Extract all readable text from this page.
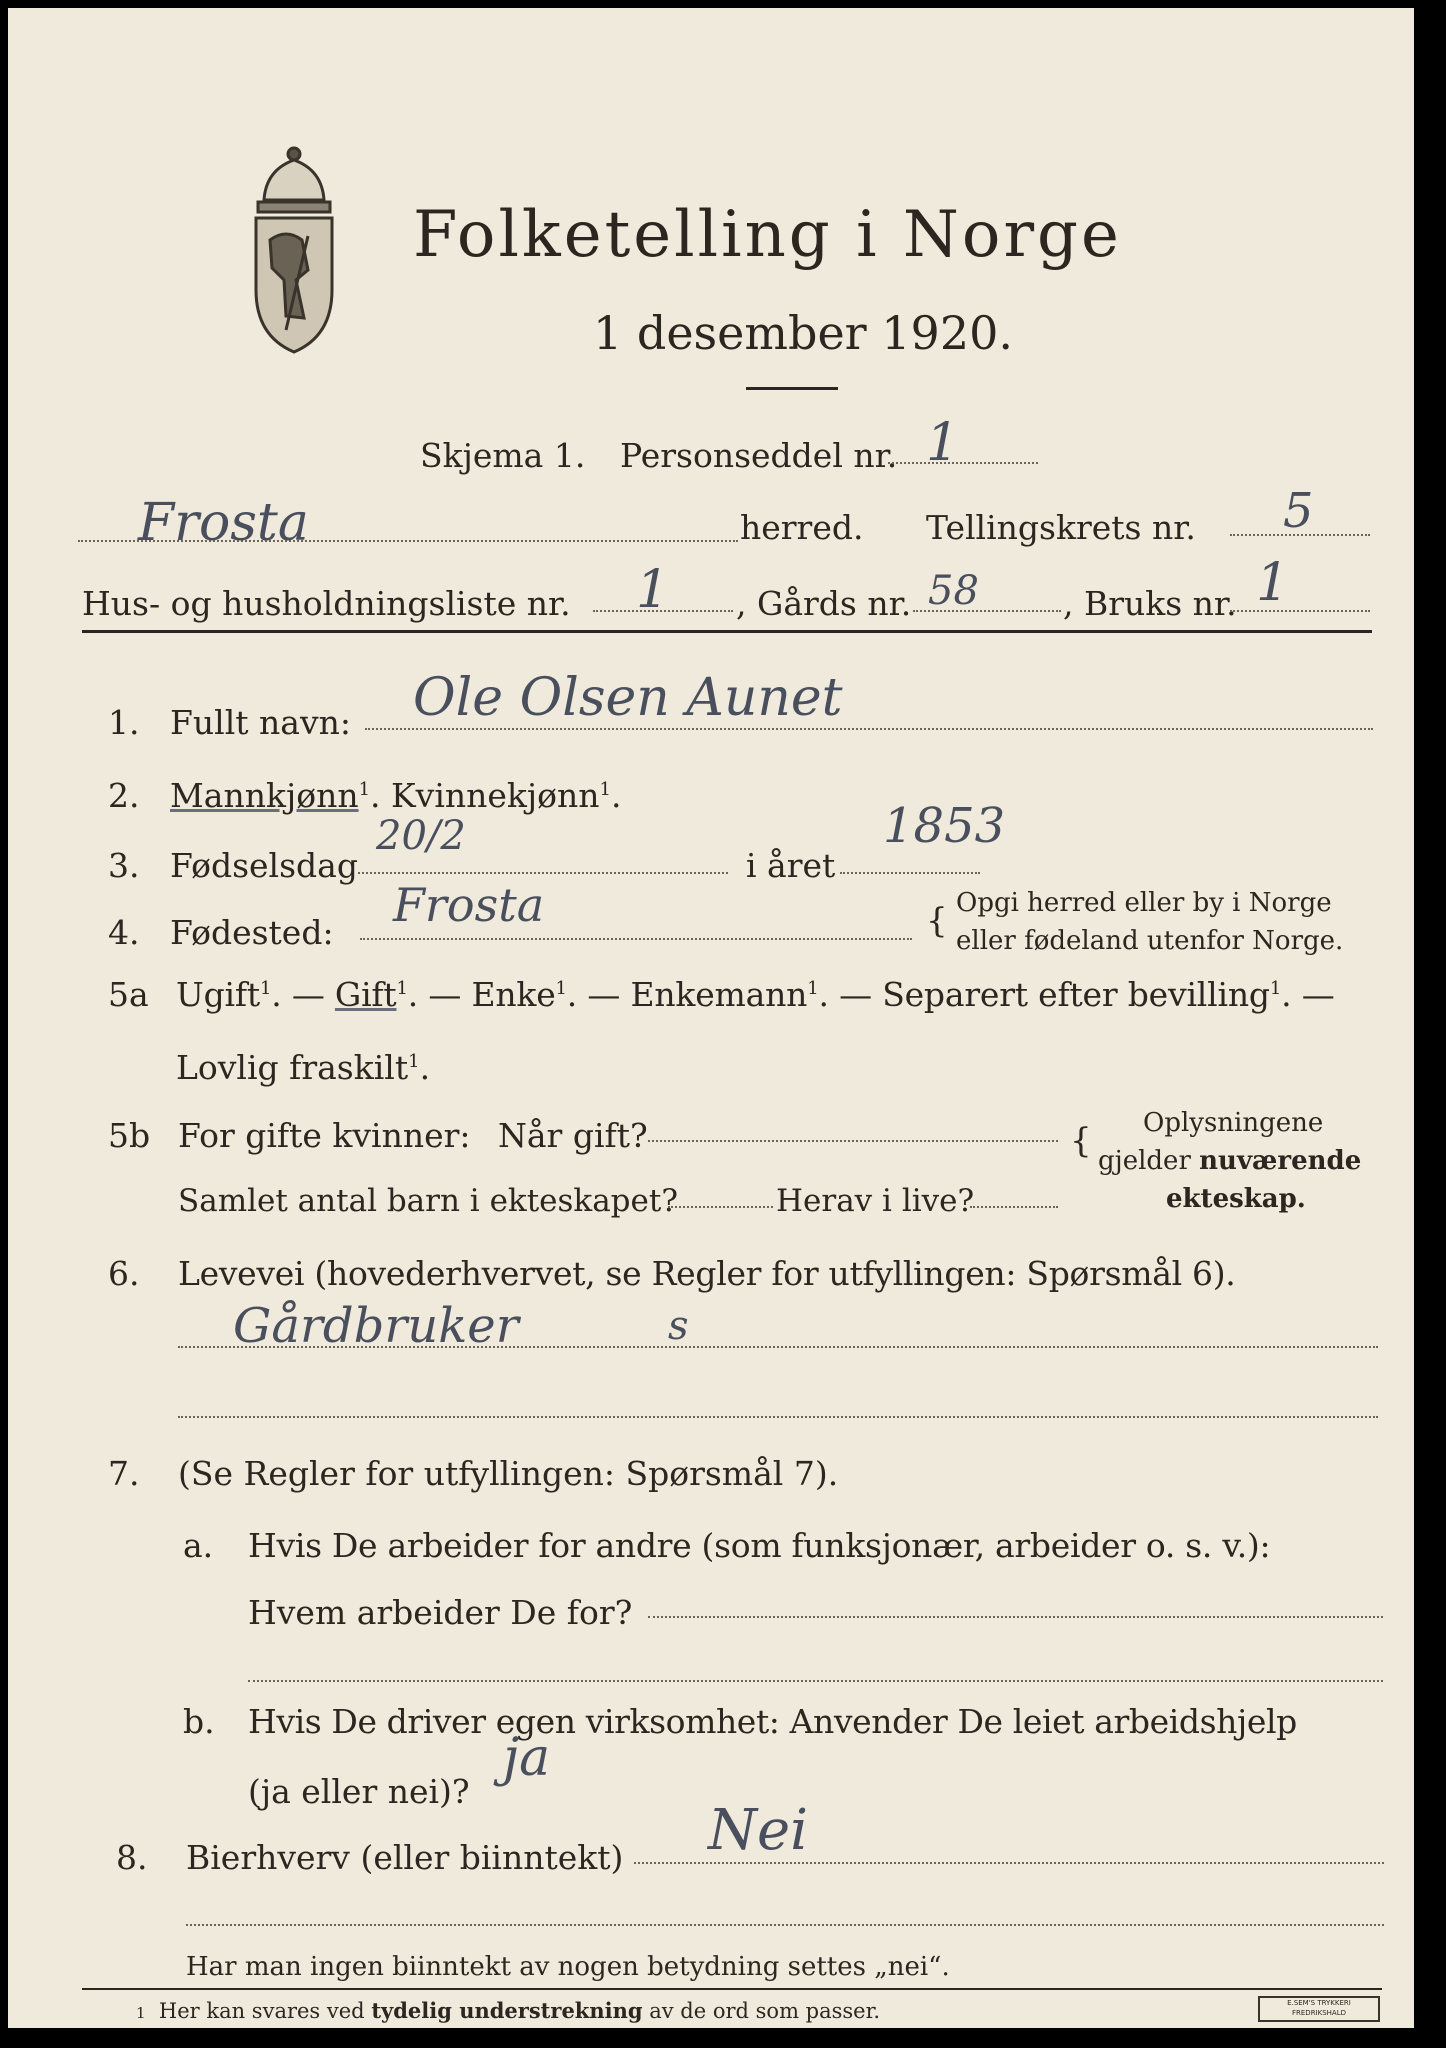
Folketelling i Norge
1 desember 1920.
Skjema 1. Personseddel nr. 1
Frosta	herred. Tellingskrets nr. 5
Hus- og husholdningsliste nr. 1 , Gårds nr. 58	, Bruks nr. 1
1. Fullt navn: Ole Olsen Aunet
2. Mannkjønn$^1$. Kvinnekjønn$^1$.
3. Fødselsdag
20/2
i året
1853
4. Fødested:
Frosta	{ Opgi herred eller by i Norge
eller fødeland utenfor Norge.
5a Ugift$^1$. — Gift$^1$. — Enke$^1$. — Enkemann$^1$. — Separert efter bevilling$^1$. —
Lovlig fraskilt$^1$.
5b For gifte kvinner: Når gift?
Samlet antal barn i ekteskapet?	Herav i live?
{ Oplysningene
gjelder nuværende
ekteskap.
6. Levevei (hovederhvervet, se Regler for utfyllingen: Spørsmål 6).
Gårdbruker	s
7. (Se Regler for utfyllingen: Spørsmål 7).
a. Hvis De arbeider for andre (som funksjonær, arbeider o. s. v.):
Hvem arbeider De for?
b. Hvis De driver egen virksomhet: Anvender De leiet arbeidshjelp
(ja eller nei)?
ja
8. Bierhverv (eller biinntekt) Nei
Har man ingen biinntekt av nogen betydning settes „nei“.
1 Her kan svares ved tydelig understrekning av de ord som passer.	E.SEM'S TRYKKERI
FREDRIKSHALD
